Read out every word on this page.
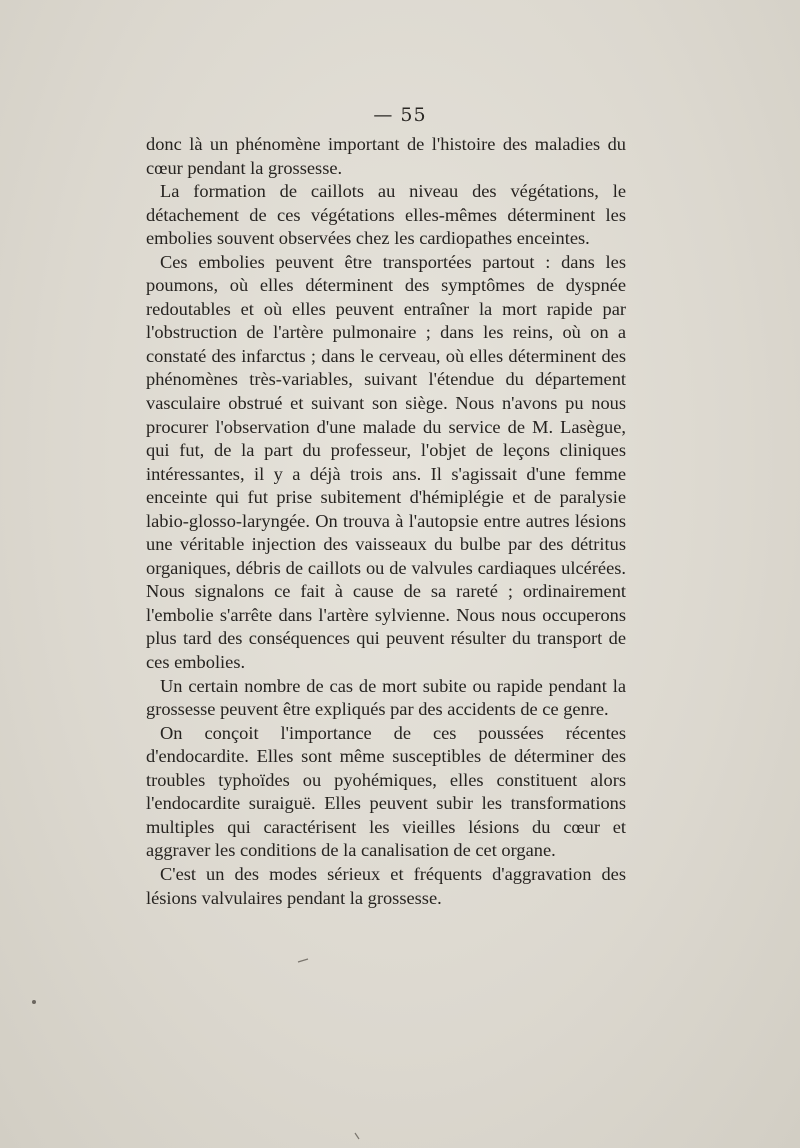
— 55

donc là un phénomène important de l'histoire des maladies du cœur pendant la grossesse.

La formation de caillots au niveau des végétations, le détachement de ces végétations elles-mêmes déterminent les embolies souvent observées chez les cardiopathes enceintes.

Ces embolies peuvent être transportées partout : dans les poumons, où elles déterminent des symptômes de dyspnée redoutables et où elles peuvent entraîner la mort rapide par l'obstruction de l'artère pulmonaire ; dans les reins, où on a constaté des infarctus ; dans le cerveau, où elles déterminent des phénomènes très-variables, suivant l'étendue du département vasculaire obstrué et suivant son siège. Nous n'avons pu nous procurer l'observation d'une malade du service de M. Lasègue, qui fut, de la part du professeur, l'objet de leçons cliniques intéressantes, il y a déjà trois ans. Il s'agissait d'une femme enceinte qui fut prise subitement d'hémiplégie et de paralysie labio-glosso-laryngée. On trouva à l'autopsie entre autres lésions une véritable injection des vaisseaux du bulbe par des détritus organiques, débris de caillots ou de valvules cardiaques ulcérées. Nous signalons ce fait à cause de sa rareté ; ordinairement l'embolie s'arrête dans l'artère sylvienne. Nous nous occuperons plus tard des conséquences qui peuvent résulter du transport de ces embolies.

Un certain nombre de cas de mort subite ou rapide pendant la grossesse peuvent être expliqués par des accidents de ce genre.

On conçoit l'importance de ces poussées récentes d'endocardite. Elles sont même susceptibles de déterminer des troubles typhoïdes ou pyohémiques, elles constituent alors l'endocardite suraiguë. Elles peuvent subir les transformations multiples qui caractérisent les vieilles lésions du cœur et aggraver les conditions de la canalisation de cet organe.

C'est un des modes sérieux et fréquents d'aggravation des lésions valvulaires pendant la grossesse.
